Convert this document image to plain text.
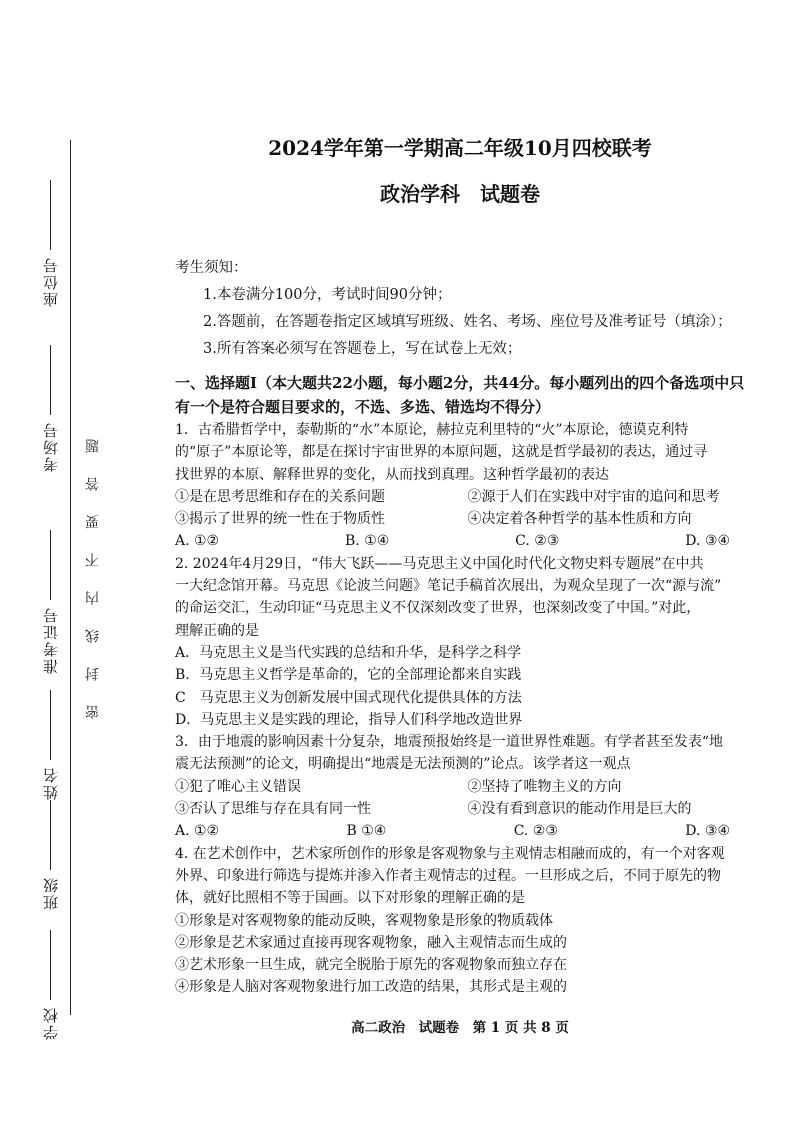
座位号
考场号
准考证号
姓名
班级
学校
密封线内不要答题
2024学年第一学期高二年级10月四校联考
政治学科　试题卷
考生须知：
1.本卷满分100分，考试时间90分钟；
2.答题前，在答题卷指定区域填写班级、姓名、考场、座位号及准考证号（填涂）；
3.所有答案必须写在答题卷上，写在试卷上无效；
一、选择题Ⅰ（本大题共22小题，每小题2分，共44分。每小题列出的四个备选项中只
有一个是符合题目要求的，不选、多选、错选均不得分）

1．古希腊哲学中，泰勒斯的“水”本原论，赫拉克利里特的“火”本原论，德谟克利特

的“原子”本原论等，都是在探讨宇宙世界的本原问题，这就是哲学最初的表达，通过寻

找世界的本原、解释世界的变化，从而找到真理。这种哲学最初的表达

①是在思考思维和存在的关系问题	②源于人们在实践中对宇宙的追问和思考
③揭示了世界的统一性在于物质性	④决定着各种哲学的基本性质和方向
A. ①②	B. ①④	C. ②③	D. ③④

2. 2024年4月29日，“伟大飞跃——马克思主义中国化时代化文物史料专题展”在中共

一大纪念馆开幕。马克思《论波兰问题》笔记手稿首次展出，为观众呈现了一次“源与流”

的命运交汇，生动印证“马克思主义不仅深刻改变了世界，也深刻改变了中国。”对此，

理解正确的是

A．马克思主义是当代实践的总结和升华，是科学之科学

B．马克思主义哲学是革命的，它的全部理论都来自实践

C　马克思主义为创新发展中国式现代化提供具体的方法

D．马克思主义是实践的理论，指导人们科学地改造世界

3．由于地震的影响因素十分复杂，地震预报始终是一道世界性难题。有学者甚至发表“地

震无法预测”的论文，明确提出“地震是无法预测的”论点。该学者这一观点

①犯了唯心主义错误	②坚持了唯物主义的方向
③否认了思维与存在具有同一性	④没有看到意识的能动作用是巨大的
A. ①②	B ①④	C. ②③	D. ③④

4. 在艺术创作中，艺术家所创作的形象是客观物象与主观情志相融而成的，有一个对客观

外界、印象进行筛选与提炼并渗入作者主观情志的过程。一旦形成之后，不同于原先的物

体，就好比照相不等于国画。以下对形象的理解正确的是

①形象是对客观物象的能动反映，客观物象是形象的物质载体

②形象是艺术家通过直接再现客观物象，融入主观情志而生成的

③艺术形象一旦生成，就完全脱胎于原先的客观物象而独立存在

④形象是人脑对客观物象进行加工改造的结果，其形式是主观的

高二政治　试题卷　第 1 页 共 8 页
